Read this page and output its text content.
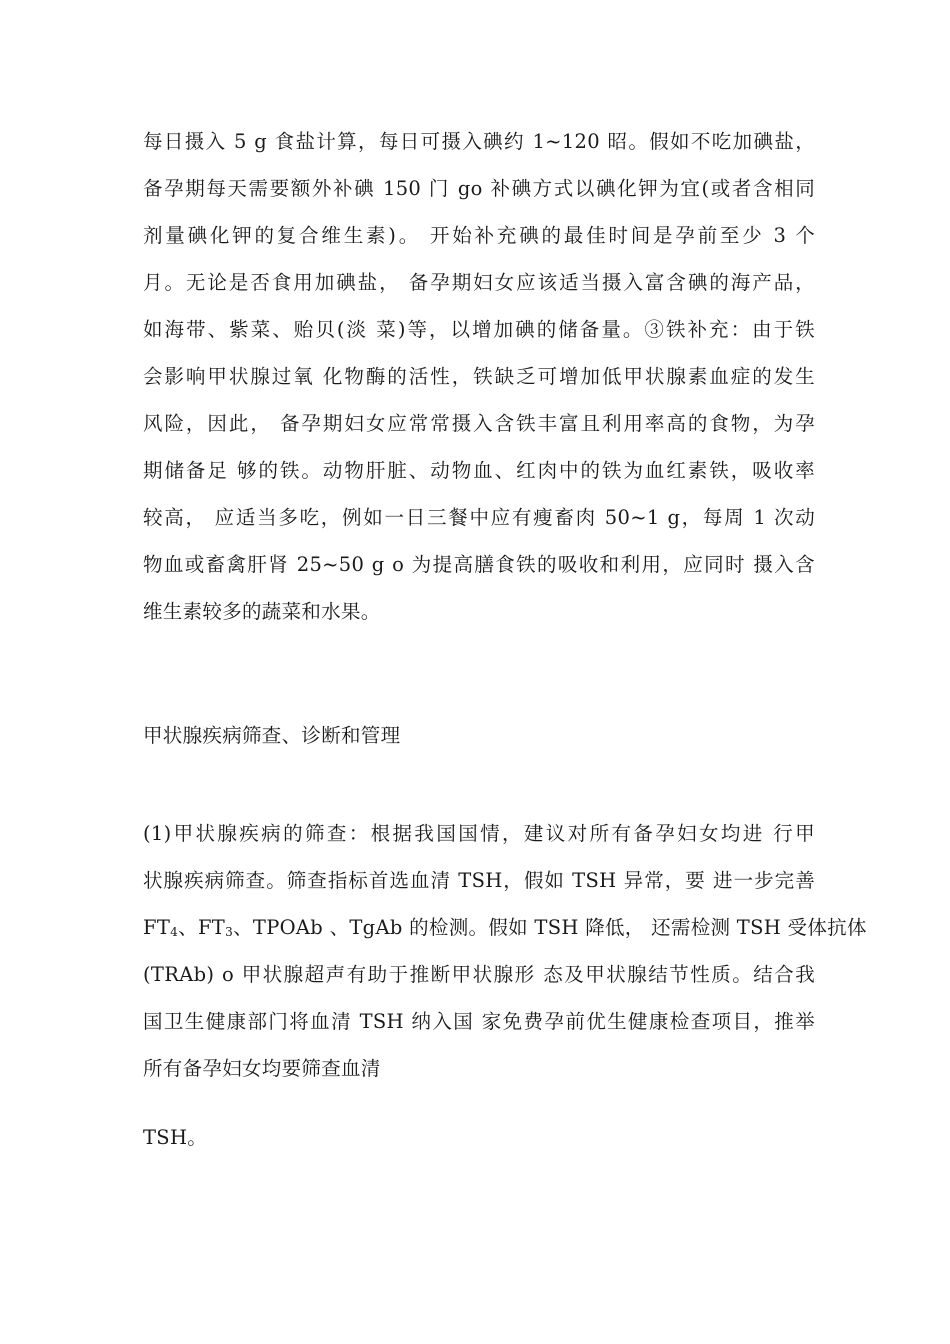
每日摄入 5 g 食盐计算，每日可摄入碘约 1~120 昭。假如不吃加碘盐，
备孕期每天需要额外补碘 150 门 go 补碘方式以碘化钾为宜(或者含相同
剂量碘化钾的复合维生素)。 开始补充碘的最佳时间是孕前至少 3 个
月。无论是否食用加碘盐， 备孕期妇女应该适当摄入富含碘的海产品，
如海带、紫菜、贻贝(淡 菜)等，以增加碘的储备量。③铁补充：由于铁
会影响甲状腺过氧 化物酶的活性，铁缺乏可增加低甲状腺素血症的发生
风险，因此， 备孕期妇女应常常摄入含铁丰富且利用率高的食物，为孕
期储备足 够的铁。动物肝脏、动物血、红肉中的铁为血红素铁，吸收率
较高， 应适当多吃，例如一日三餐中应有瘦畜肉 50~1 g，每周 1 次动
物血或畜禽肝肾 25~50 g o 为提高膳食铁的吸收和利用，应同时 摄入含
维生素较多的蔬菜和水果。
甲状腺疾病筛查、诊断和管理
(1)甲状腺疾病的筛查：根据我国国情，建议对所有备孕妇女均进 行甲
状腺疾病筛查。筛查指标首选血清 TSH，假如 TSH 异常，要 进一步完善
$FT_4$、$FT_3$、TPOAb 、TgAb 的检测。假如 TSH 降低， 还需检测 TSH 受体抗体
(TRAb) o 甲状腺超声有助于推断甲状腺形 态及甲状腺结节性质。结合我
国卫生健康部门将血清 TSH 纳入国 家免费孕前优生健康检查项目，推举
所有备孕妇女均要筛查血清
TSH。
